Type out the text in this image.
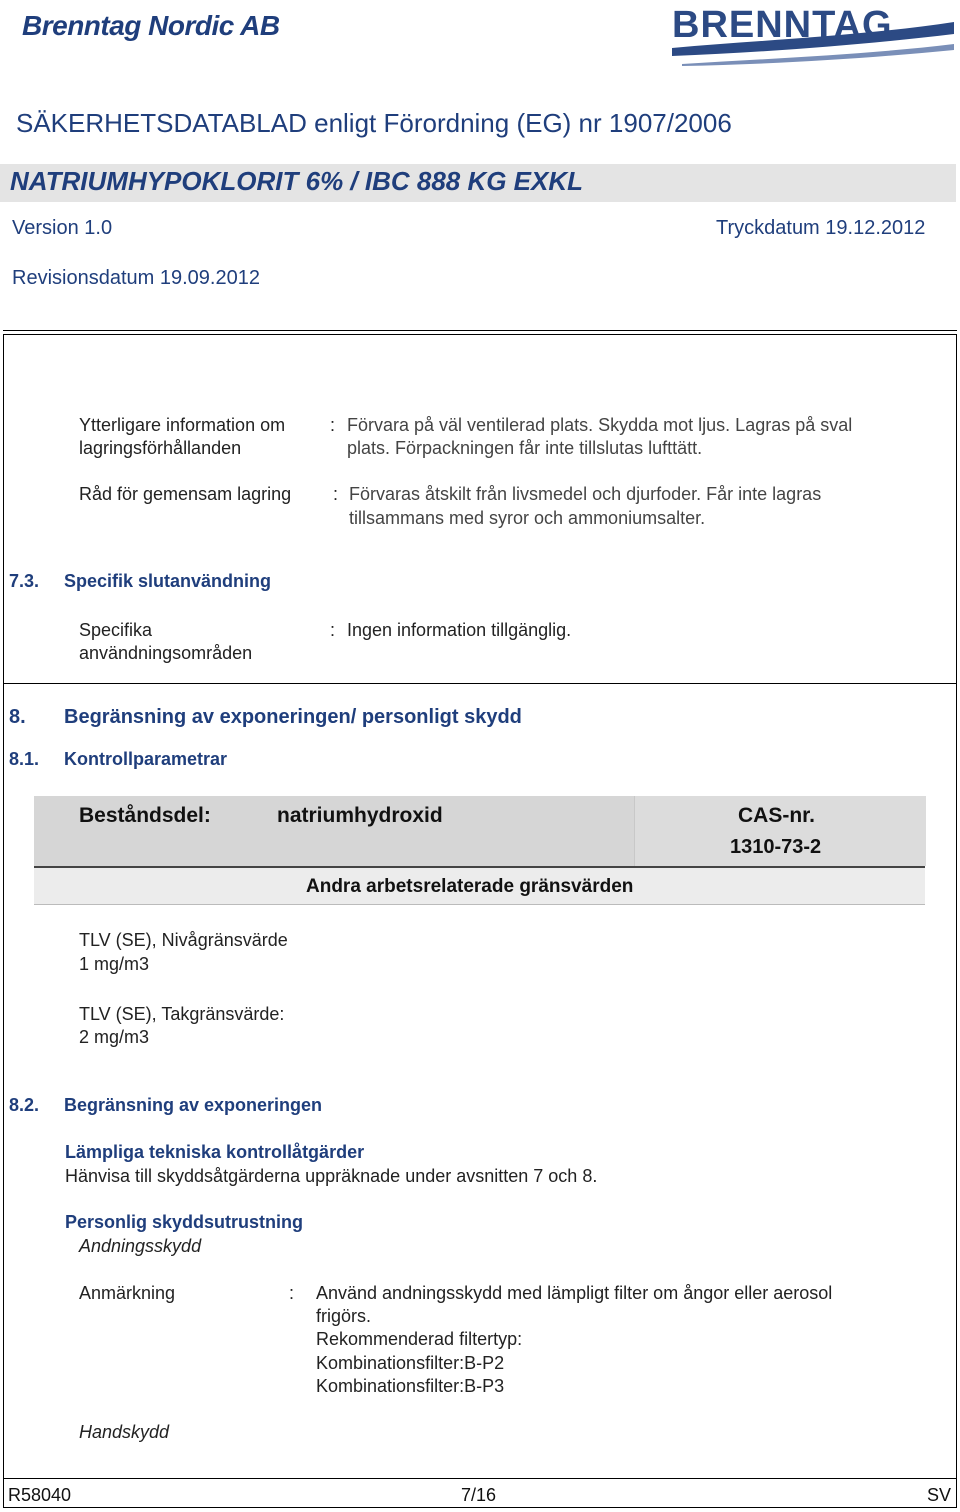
Brenntag Nordic AB	BRENNTAG
SÄKERHETSDATABLAD enligt Förordning (EG) nr 1907/2006
NATRIUMHYPOKLORIT 6% / IBC 888 KG EXKL
Version 1.0	Tryckdatum 19.12.2012
Revisionsdatum 19.09.2012
Ytterligare information om
lagringsförhållanden
: Förvara på väl ventilerad plats. Skydda mot ljus. Lagras på sval
plats. Förpackningen får inte tillslutas lufttätt.
Råd för gemensam lagring : Förvaras åtskilt från livsmedel och djurfoder. Får inte lagras
tillsammans med syror och ammoniumsalter.
7.3. Specifik slutanvändning
Specifika
användningsområden
: Ingen information tillgänglig.
8. Begränsning av exponeringen/ personligt skydd
8.1. Kontrollparametrar
Beståndsdel:	natriumhydroxid	CAS-nr.
1310-73-2
Andra arbetsrelaterade gränsvärden
TLV (SE), Nivågränsvärde
1 mg/m3
TLV (SE), Takgränsvärde:
2 mg/m3
8.2. Begränsning av exponeringen
Lämpliga tekniska kontrollåtgärder
Hänvisa till skyddsåtgärderna uppräknade under avsnitten 7 och 8.
Personlig skyddsutrustning
Andningsskydd
Anmärkning	: Använd andningsskydd med lämpligt filter om ångor eller aerosol
frigörs.
Rekommenderad filtertyp:
Kombinationsfilter:B-P2
Kombinationsfilter:B-P3
Handskydd
R58040	7/16	SV
